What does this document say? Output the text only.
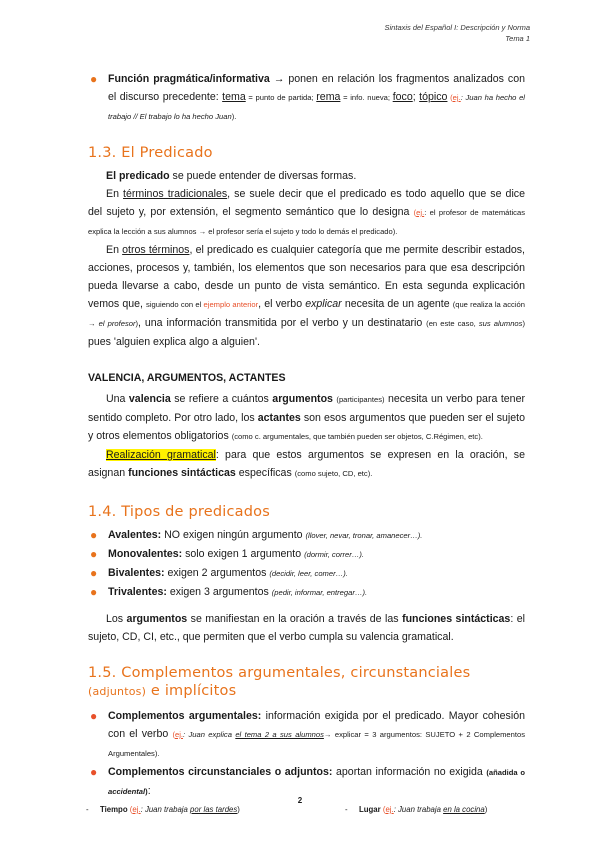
Sintaxis del Español I: Descripción y Norma
Tema 1

● Función pragmática/informativa → ponen en relación los fragmentos analizados con el discurso precedente: tema = punto de partida; rema = info. nueva; foco; tópico (ej.: Juan ha hecho el trabajo // El trabajo lo ha hecho Juan).

1.3. El Predicado

El predicado se puede entender de diversas formas.

En términos tradicionales, se suele decir que el predicado es todo aquello que se dice del sujeto y, por extensión, el segmento semántico que lo designa (ej.: el profesor de matemáticas explica la lección a sus alumnos → el profesor sería el sujeto y todo lo demás el predicado).

En otros términos, el predicado es cualquier categoría que me permite describir estados, acciones, procesos y, también, los elementos que son necesarios para que esa descripción pueda llevarse a cabo, desde un punto de vista semántico. En esta segunda explicación vemos que, siguiendo con el ejemplo anterior, el verbo explicar necesita de un agente (que realiza la acción → el profesor), una información transmitida por el verbo y un destinatario (en este caso, sus alumnos) pues 'alguien explica algo a alguien'.

VALENCIA, ARGUMENTOS, ACTANTES

Una valencia se refiere a cuántos argumentos (participantes) necesita un verbo para tener sentido completo. Por otro lado, los actantes son esos argumentos que pueden ser el sujeto y otros elementos obligatorios (como c. argumentales, que también pueden ser objetos, C.Régimen, etc).

Realización gramatical: para que estos argumentos se expresen en la oración, se asignan funciones sintácticas específicas (como sujeto, CD, etc).

1.4. Tipos de predicados

● Avalentes: NO exigen ningún argumento (llover, nevar, tronar, amanecer…).

● Monovalentes: solo exigen 1 argumento (dormir, correr…).

● Bivalentes: exigen 2 argumentos (decidir, leer, comer…).

● Trivalentes: exigen 3 argumentos (pedir, informar, entregar…).

Los argumentos se manifiestan en la oración a través de las funciones sintácticas: el sujeto, CD, CI, etc., que permiten que el verbo cumpla su valencia gramatical.

1.5. Complementos argumentales, circunstanciales (adjuntos) e implícitos

● Complementos argumentales: información exigida por el predicado. Mayor cohesión con el verbo (ej.: Juan explica el tema 2 a sus alumnos→ explicar = 3 argumentos: SUJETO + 2 Complementos Argumentales).

● Complementos circunstanciales o adjuntos: aportan información no exigida (añadida o accidental):

- Tiempo (ej.: Juan trabaja por las tardes)	- Lugar (ej.: Juan trabaja en la cocina)
2
